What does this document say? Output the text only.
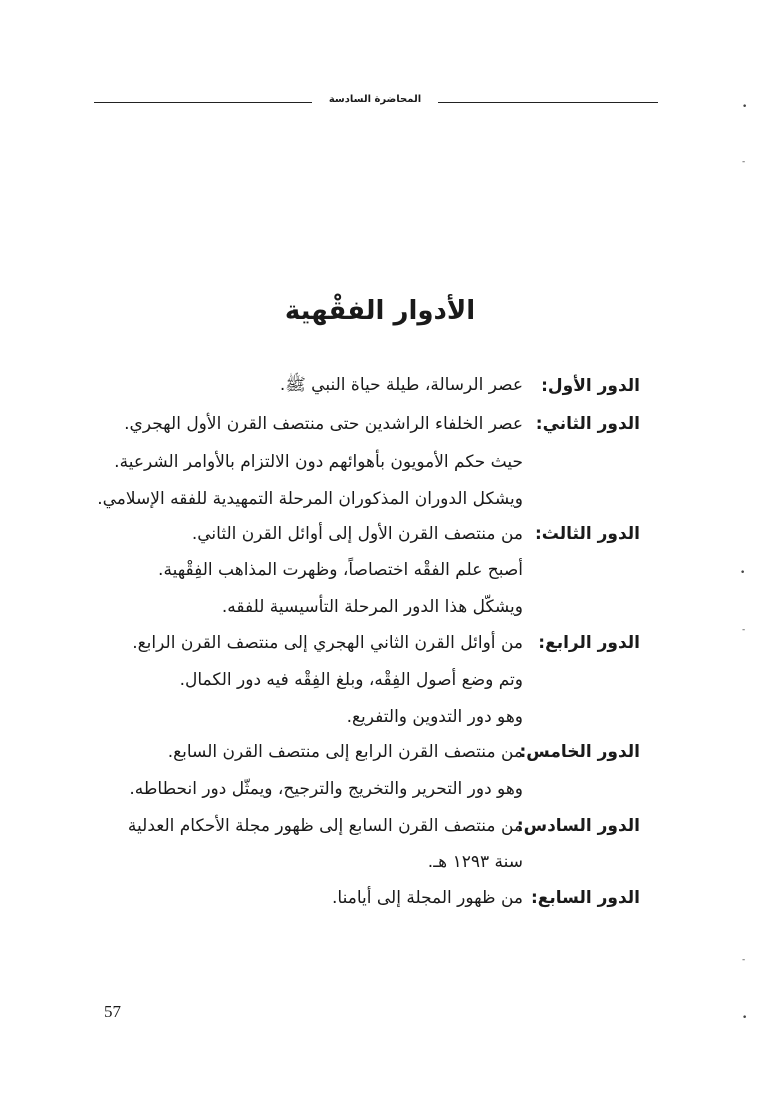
المحاضرة السادسة
الأدوار الفقْهية
الدور الأول:
عصر الرسالة، طيلة حياة النبي ﷺ.
الدور الثاني:
عصر الخلفاء الراشدين حتى منتصف القرن الأول الهجري.
حيث حكم الأمويون بأهوائهم دون الالتزام بالأوامر الشرعية.
ويشكل الدوران المذكوران المرحلة التمهيدية للفقه الإسلامي.
الدور الثالث:
من منتصف القرن الأول إلى أوائل القرن الثاني.
أصبح علم الفقْه اختصاصاً، وظهرت المذاهب الفِقْهية.
ويشكّل هذا الدور المرحلة التأسيسية للفقه.
الدور الرابع:
من أوائل القرن الثاني الهجري إلى منتصف القرن الرابع.
وتم وضع أصول الفِقْه، وبلغ الفِقْه فيه دور الكمال.
وهو دور التدوين والتفريع.
الدور الخامس:
من منتصف القرن الرابع إلى منتصف القرن السابع.
وهو دور التحرير والتخريج والترجيح، ويمثّل دور انحطاطه.
الدور السادس:
من منتصف القرن السابع إلى ظهور مجلة الأحكام العدلية
سنة ١٢٩٣ هـ.
الدور السابع:
من ظهور المجلة إلى أيامنا.
57
•
-
•
-
-
•
